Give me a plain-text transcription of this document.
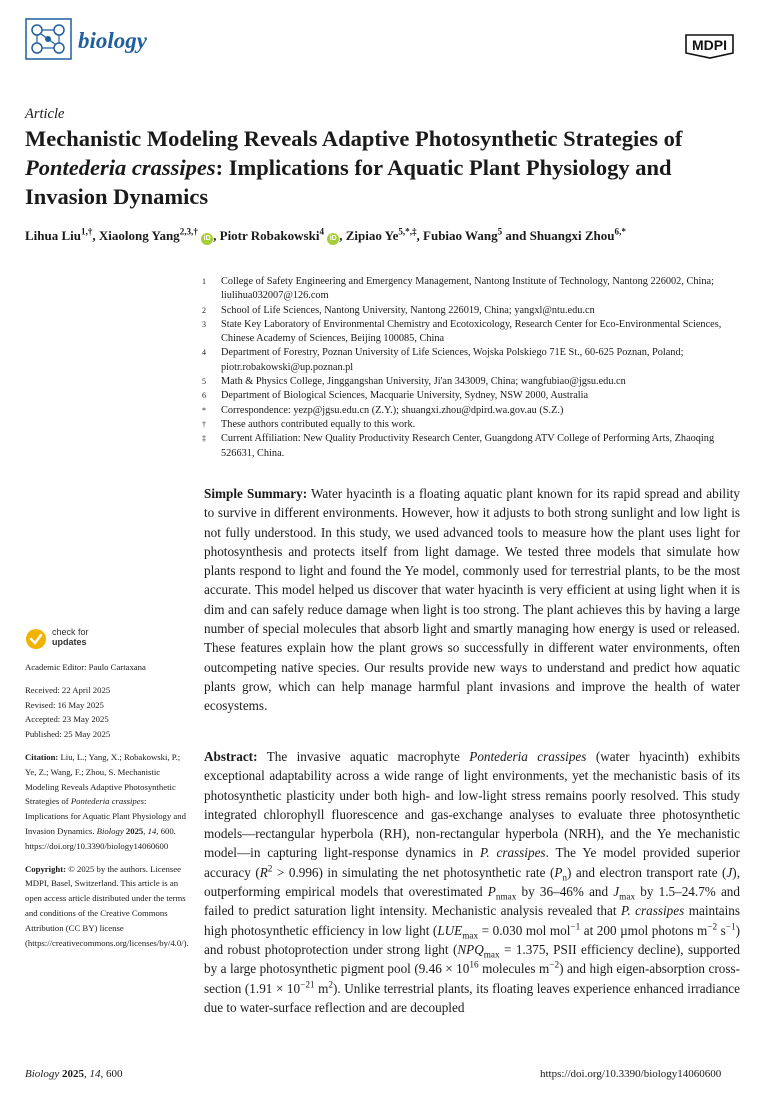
biology	MDPI
Article
Mechanistic Modeling Reveals Adaptive Photosynthetic Strategies of Pontederia crassipes: Implications for Aquatic Plant Physiology and Invasion Dynamics
Lihua Liu$^{1,\dagger}$, Xiaolong Yang$^{2,3,\dagger}$ iD , Piotr Robakowski$^4$ iD , Zipiao $Ye^{5,*,\ddagger}$, Fubiao Wang$^5$ and Shuangxi Zhou$^{6,*}$
1	College of Safety Engineering and Emergency Management, Nantong Institute of Technology, Nantong 226002, China; liulihua032007@126.com
2	School of Life Sciences, Nantong University, Nantong 226019, China; yangxl@ntu.edu.cn
3	State Key Laboratory of Environmental Chemistry and Ecotoxicology, Research Center for Eco-Environmental Sciences, Chinese Academy of Sciences, Beijing 100085, China
4	Department of Forestry, Poznan University of Life Sciences, Wojska Polskiego 71E St., 60-625 Poznan, Poland; piotr.robakowski@up.poznan.pl
5	Math & Physics College, Jinggangshan University, Ji'an 343009, China; wangfubiao@jgsu.edu.cn
6	Department of Biological Sciences, Macquarie University, Sydney, NSW 2000, Australia
*	Correspondence: yezp@jgsu.edu.cn (Z.Y.); shuangxi.zhou@dpird.wa.gov.au (S.Z.)
†	These authors contributed equally to this work.
‡	Current Affiliation: New Quality Productivity Research Center, Guangdong ATV College of Performing Arts, Zhaoqing 526631, China.
Simple Summary: Water hyacinth is a floating aquatic plant known for its rapid spread and ability to survive in different environments. However, how it adjusts to both strong sunlight and low light is not fully understood. In this study, we used advanced tools to measure how the plant uses light for photosynthesis and protects itself from light damage. We tested three models that simulate how plants respond to light and found the Ye model, commonly used for terrestrial plants, to be the most accurate. This model helped us discover that water hyacinth is very efficient at using light when it is dim and can safely reduce damage when light is too strong. The plant achieves this by having a large number of special molecules that absorb light and smartly managing how energy is used or released. These features explain how the plant grows so successfully in different water environments, often outcompeting native species. Our results provide new ways to understand and predict how aquatic plants grow, which can help manage harmful plant invasions and improve the health of water ecosystems.
Abstract: The invasive aquatic macrophyte Pontederia crassipes (water hyacinth) exhibits exceptional adaptability across a wide range of light environments, yet the mechanistic basis of its photosynthetic plasticity under both high- and low-light stress remains poorly resolved. This study integrated chlorophyll fluorescence and gas-exchange analyses to evaluate three photosynthetic models—rectangular hyperbola (RH), non-rectangular hyperbola (NRH), and the Ye mechanistic model—in capturing light-response dynamics in P. crassipes. The Ye model provided superior accuracy $(R^2 > 0.996)$ in simulating the net photosynthetic rate $(P_n)$ and electron transport rate (J), outperforming empirical models that overestimated $P_{nmax}$ by 36–46% and $J_{max}$ by 1.5–24.7% and failed to predict saturation light intensity. Mechanistic analysis revealed that P. crassipes maintains high photosynthetic efficiency in low light ($LUE_{max} = 0.030$ mol mol$^{-1}$ at 200 µmol photons $m^{-2}$ $s^{-1}$) and robust photoprotection under strong light ($NPQ_{max} = 1.375$, PSII efficiency decline), supported by a large photosynthetic pigment pool ($9.46 \times 10^{16}$ molecules $m^{-2}$) and high eigen-absorption cross-section ($1.91 \times 10^{-21}$ $m^2$). Unlike terrestrial plants, its floating leaves experience enhanced irradiance due to water-surface reflection and are decoupled
check for
updates

Academic Editor: Paulo Cartaxana

Received: 22 April 2025

Revised: 16 May 2025

Accepted: 23 May 2025

Published: 25 May 2025

Citation: Liu, L.; Yang, X.; Robakowski, P.; Ye, Z.; Wang, F.; Zhou, S. Mechanistic Modeling Reveals Adaptive Photosynthetic Strategies of Pontederia crassipes: Implications for Aquatic Plant Physiology and Invasion Dynamics. Biology 2025, 14, 600. https://doi.org/10.3390/biology14060600

Copyright: © 2025 by the authors. Licensee MDPI, Basel, Switzerland. This article is an open access article distributed under the terms and conditions of the Creative Commons Attribution (CC BY) license (https://creativecommons.org/licenses/by/4.0/).

Biology 2025, 14, 600	https://doi.org/10.3390/biology14060600
